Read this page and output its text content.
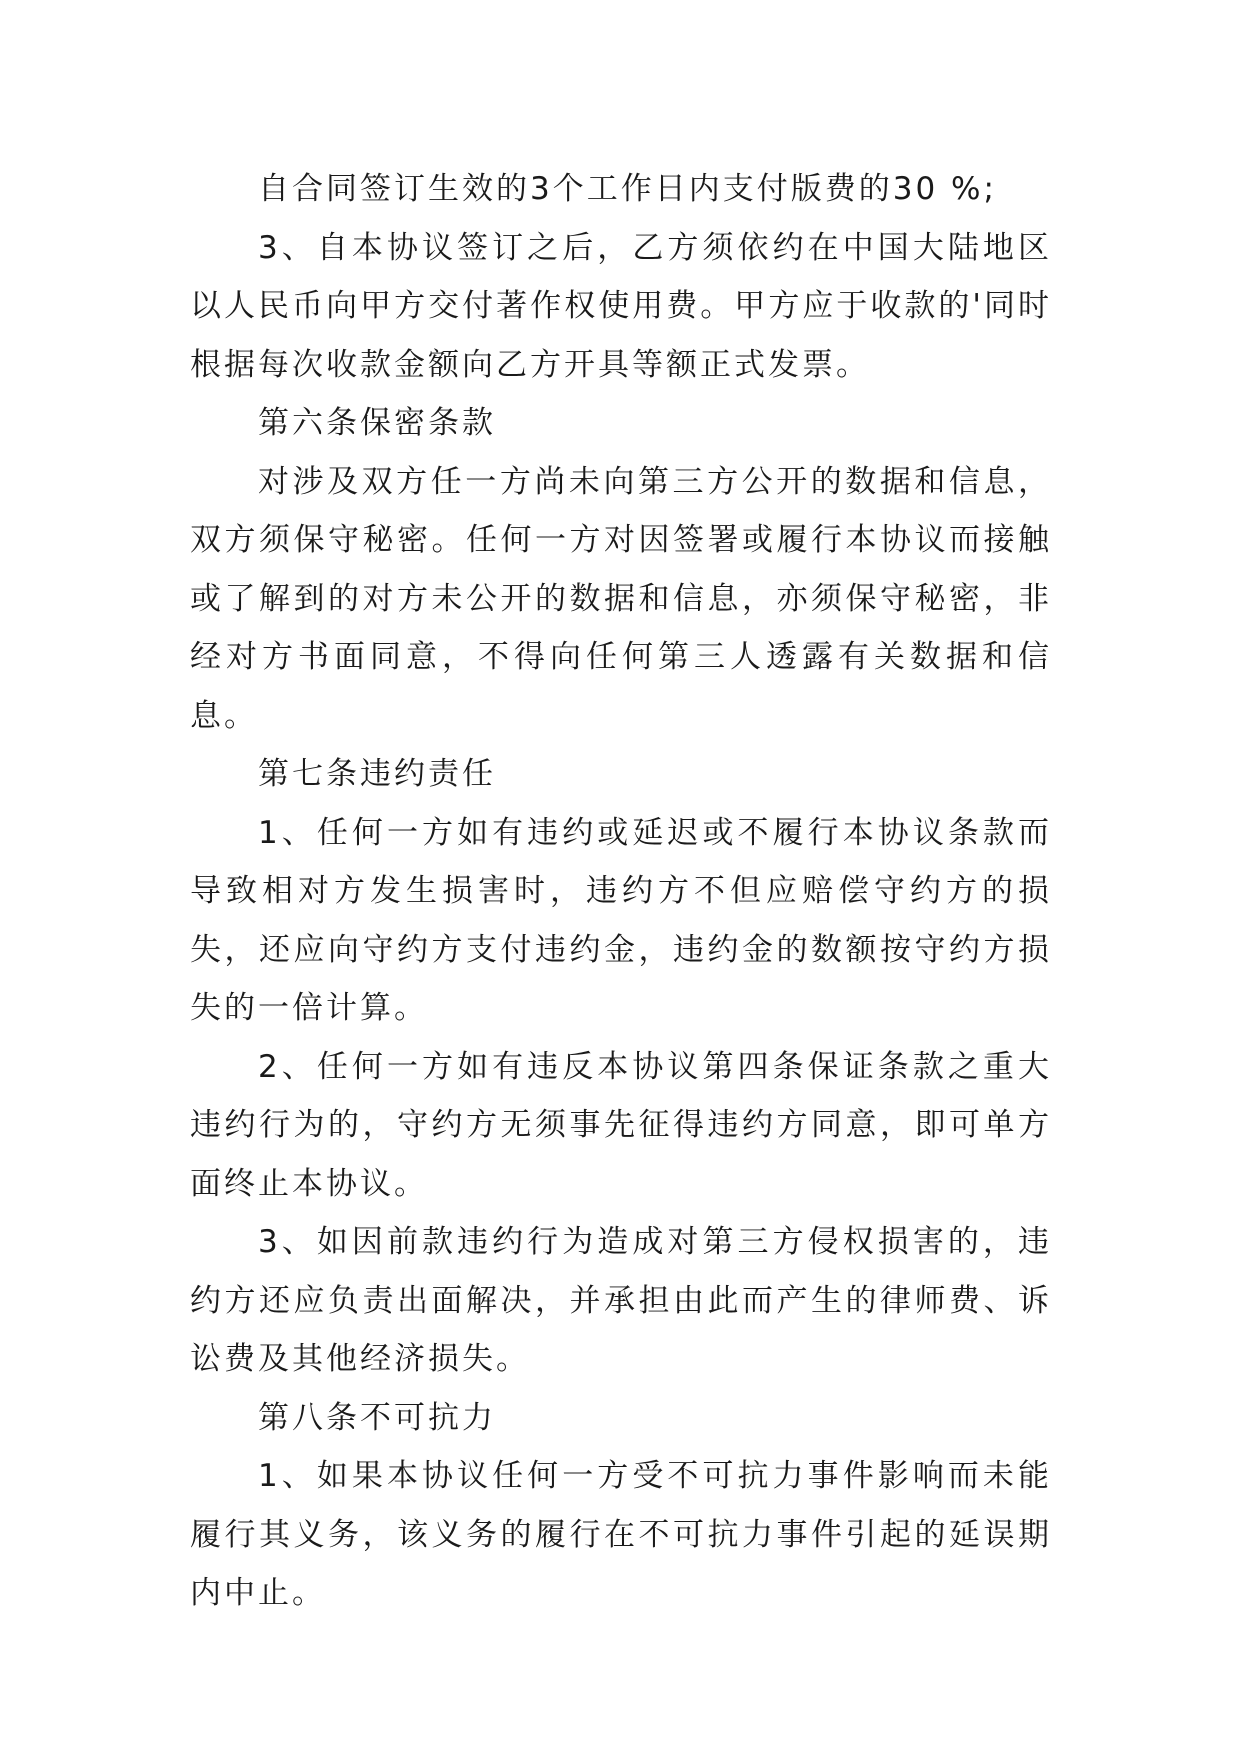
自合同签订生效的3个工作日内支付版费的30 %;

3、自本协议签订之后，乙方须依约在中国大陆地区以人民币向甲方交付著作权使用费。甲方应于收款的'同时根据每次收款金额向乙方开具等额正式发票。

第六条保密条款

对涉及双方任一方尚未向第三方公开的数据和信息，双方须保守秘密。任何一方对因签署或履行本协议而接触或了解到的对方未公开的数据和信息，亦须保守秘密，非经对方书面同意，不得向任何第三人透露有关数据和信息。

第七条违约责任

1、任何一方如有违约或延迟或不履行本协议条款而导致相对方发生损害时，违约方不但应赔偿守约方的损失，还应向守约方支付违约金，违约金的数额按守约方损失的一倍计算。

2、任何一方如有违反本协议第四条保证条款之重大违约行为的，守约方无须事先征得违约方同意，即可单方面终止本协议。

3、如因前款违约行为造成对第三方侵权损害的，违约方还应负责出面解决，并承担由此而产生的律师费、诉讼费及其他经济损失。

第八条不可抗力

1、如果本协议任何一方受不可抗力事件影响而未能履行其义务，该义务的履行在不可抗力事件引起的延误期内中止。
